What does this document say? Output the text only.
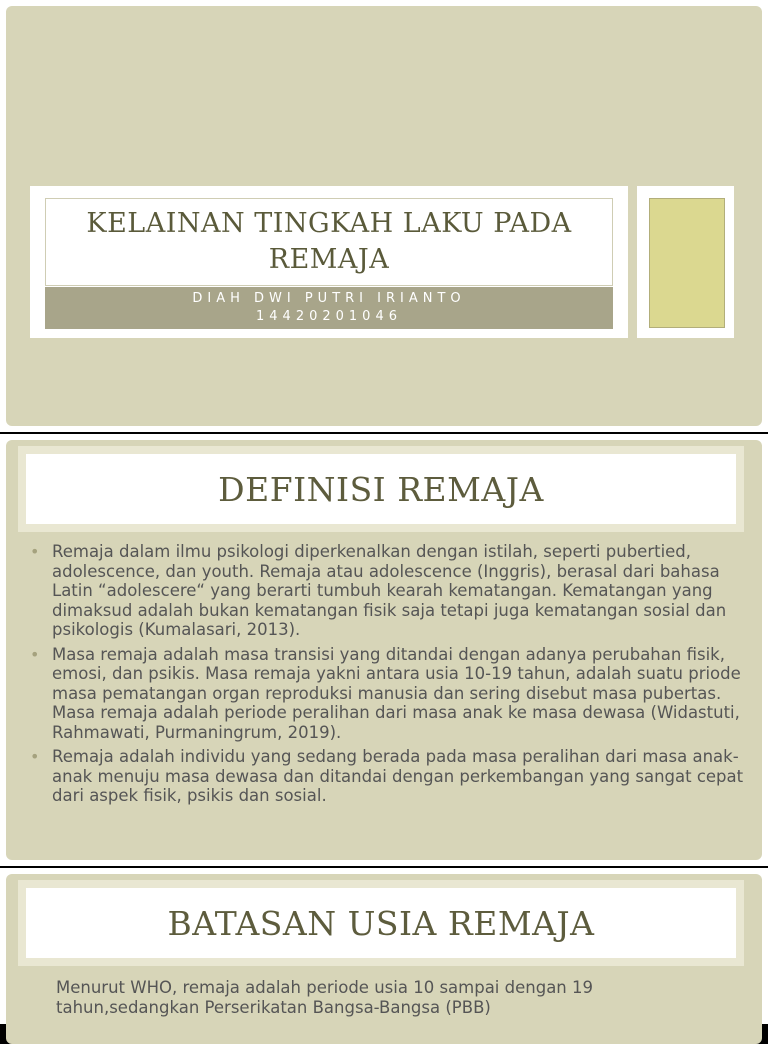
KELAINAN TINGKAH LAKU PADA
REMAJA
DIAH DWI PUTRI IRIANTO
14420201046
DEFINISI REMAJA
• Remaja dalam ilmu psikologi diperkenalkan dengan istilah, seperti pubertied, adolescence, dan youth. Remaja atau adolescence (Inggris), berasal dari bahasa Latin “adolescere“ yang berarti tumbuh kearah kematangan. Kematangan yang dimaksud adalah bukan kematangan fisik saja tetapi juga kematangan sosial dan psikologis (Kumalasari, 2013).
• Masa remaja adalah masa transisi yang ditandai dengan adanya perubahan fisik, emosi, dan psikis. Masa remaja yakni antara usia 10-19 tahun, adalah suatu priode masa pematangan organ reproduksi manusia dan sering disebut masa pubertas. Masa remaja adalah periode peralihan dari masa anak ke masa dewasa (Widastuti, Rahmawati, Purmaningrum, 2019).
• Remaja adalah individu yang sedang berada pada masa peralihan dari masa anak- anak menuju masa dewasa dan ditandai dengan perkembangan yang sangat cepat dari aspek fisik, psikis dan sosial.
BATASAN USIA REMAJA

Menurut WHO, remaja adalah periode usia 10 sampai dengan 19 tahun,sedangkan Perserikatan Bangsa-Bangsa (PBB)
